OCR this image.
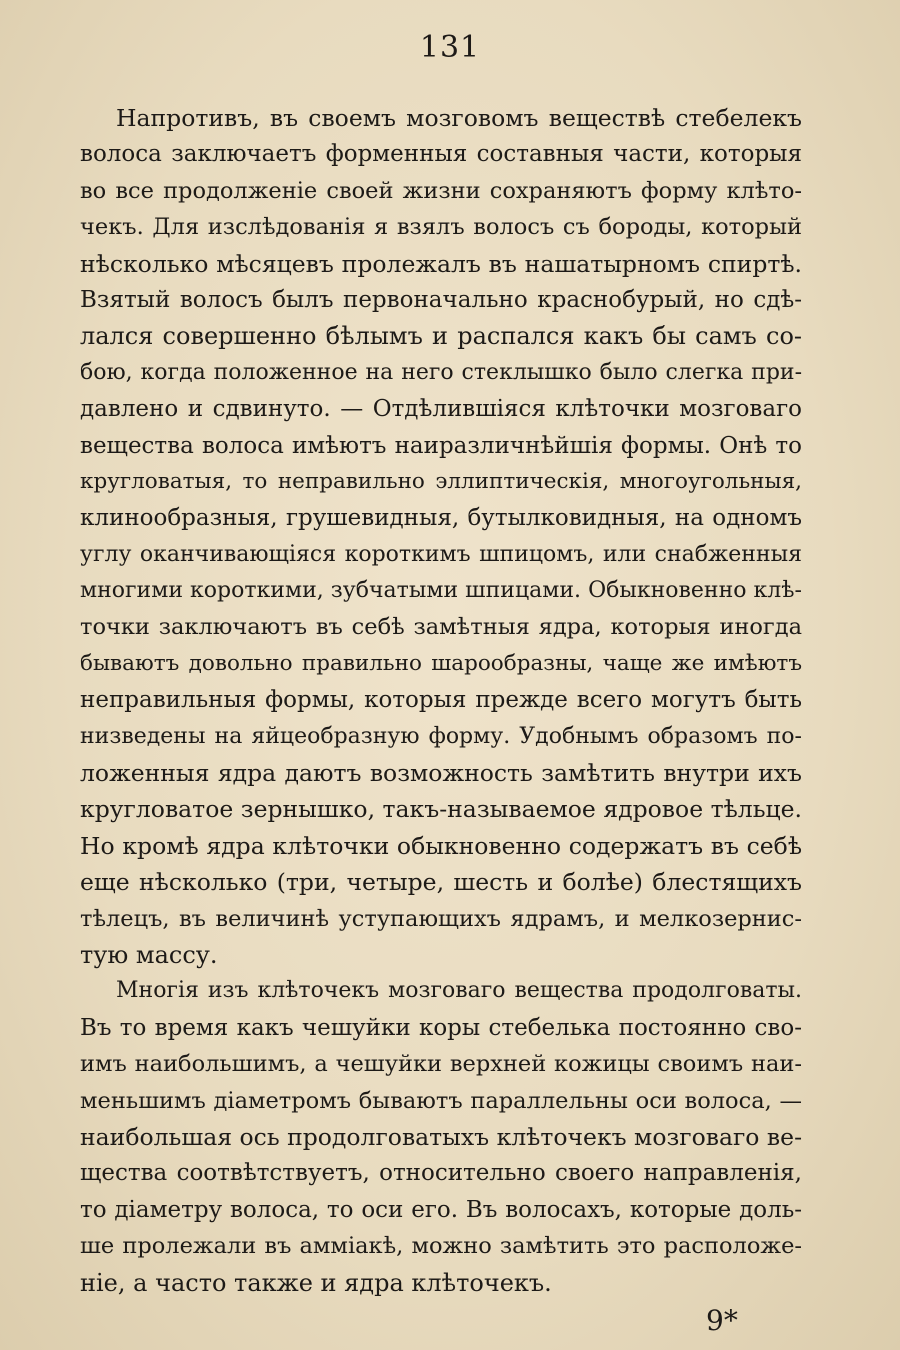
131
Напротивъ, въ своемъ мозговомъ веществѣ стебелекъ
волоса заключаетъ форменныя составныя части, которыя
во все продолженіе своей жизни сохраняютъ форму клѣто-
чекъ. Для изслѣдованія я взялъ волосъ съ бороды, который
нѣсколько мѣсяцевъ пролежалъ въ нашатырномъ спиртѣ.
Взятый волосъ былъ первоначально краснобурый, но сдѣ-
лался совершенно бѣлымъ и распался какъ бы самъ со-
бою, когда положенное на него стеклышко было слегка при-
давлено и сдвинуто. — Отдѣлившіяся клѣточки мозговаго
вещества волоса имѣютъ наиразличнѣйшія формы. Онѣ то
кругловатыя, то неправильно эллиптическія, многоугольныя,
клинообразныя, грушевидныя, бутылковидныя, на одномъ
углу оканчивающіяся короткимъ шпицомъ, или снабженныя
многими короткими, зубчатыми шпицами. Обыкновенно клѣ-
точки заключаютъ въ себѣ замѣтныя ядра, которыя иногда
бываютъ довольно правильно шарообразны, чаще же имѣютъ
неправильныя формы, которыя прежде всего могутъ быть
низведены на яйцеобразную форму. Удобнымъ образомъ по-
ложенныя ядра даютъ возможность замѣтить внутри ихъ
кругловатое зернышко, такъ-называемое ядровое тѣльце.
Но кромѣ ядра клѣточки обыкновенно содержатъ въ себѣ
еще нѣсколько (три, четыре, шесть и болѣе) блестящихъ
тѣлецъ, въ величинѣ уступающихъ ядрамъ, и мелкозернис-
тую массу.
Многія изъ клѣточекъ мозговаго вещества продолговаты.
Въ то время какъ чешуйки коры стебелька постоянно сво-
имъ наибольшимъ, а чешуйки верхней кожицы своимъ наи-
меньшимъ діаметромъ бываютъ параллельны оси волоса, —
наибольшая ось продолговатыхъ клѣточекъ мозговаго ве-
щества соотвѣтствуетъ, относительно своего направленія,
то діаметру волоса, то оси его. Въ волосахъ, которые доль-
ше пролежали въ амміакѣ, можно замѣтить это расположе-
ніе, а часто также и ядра клѣточекъ.
9*
